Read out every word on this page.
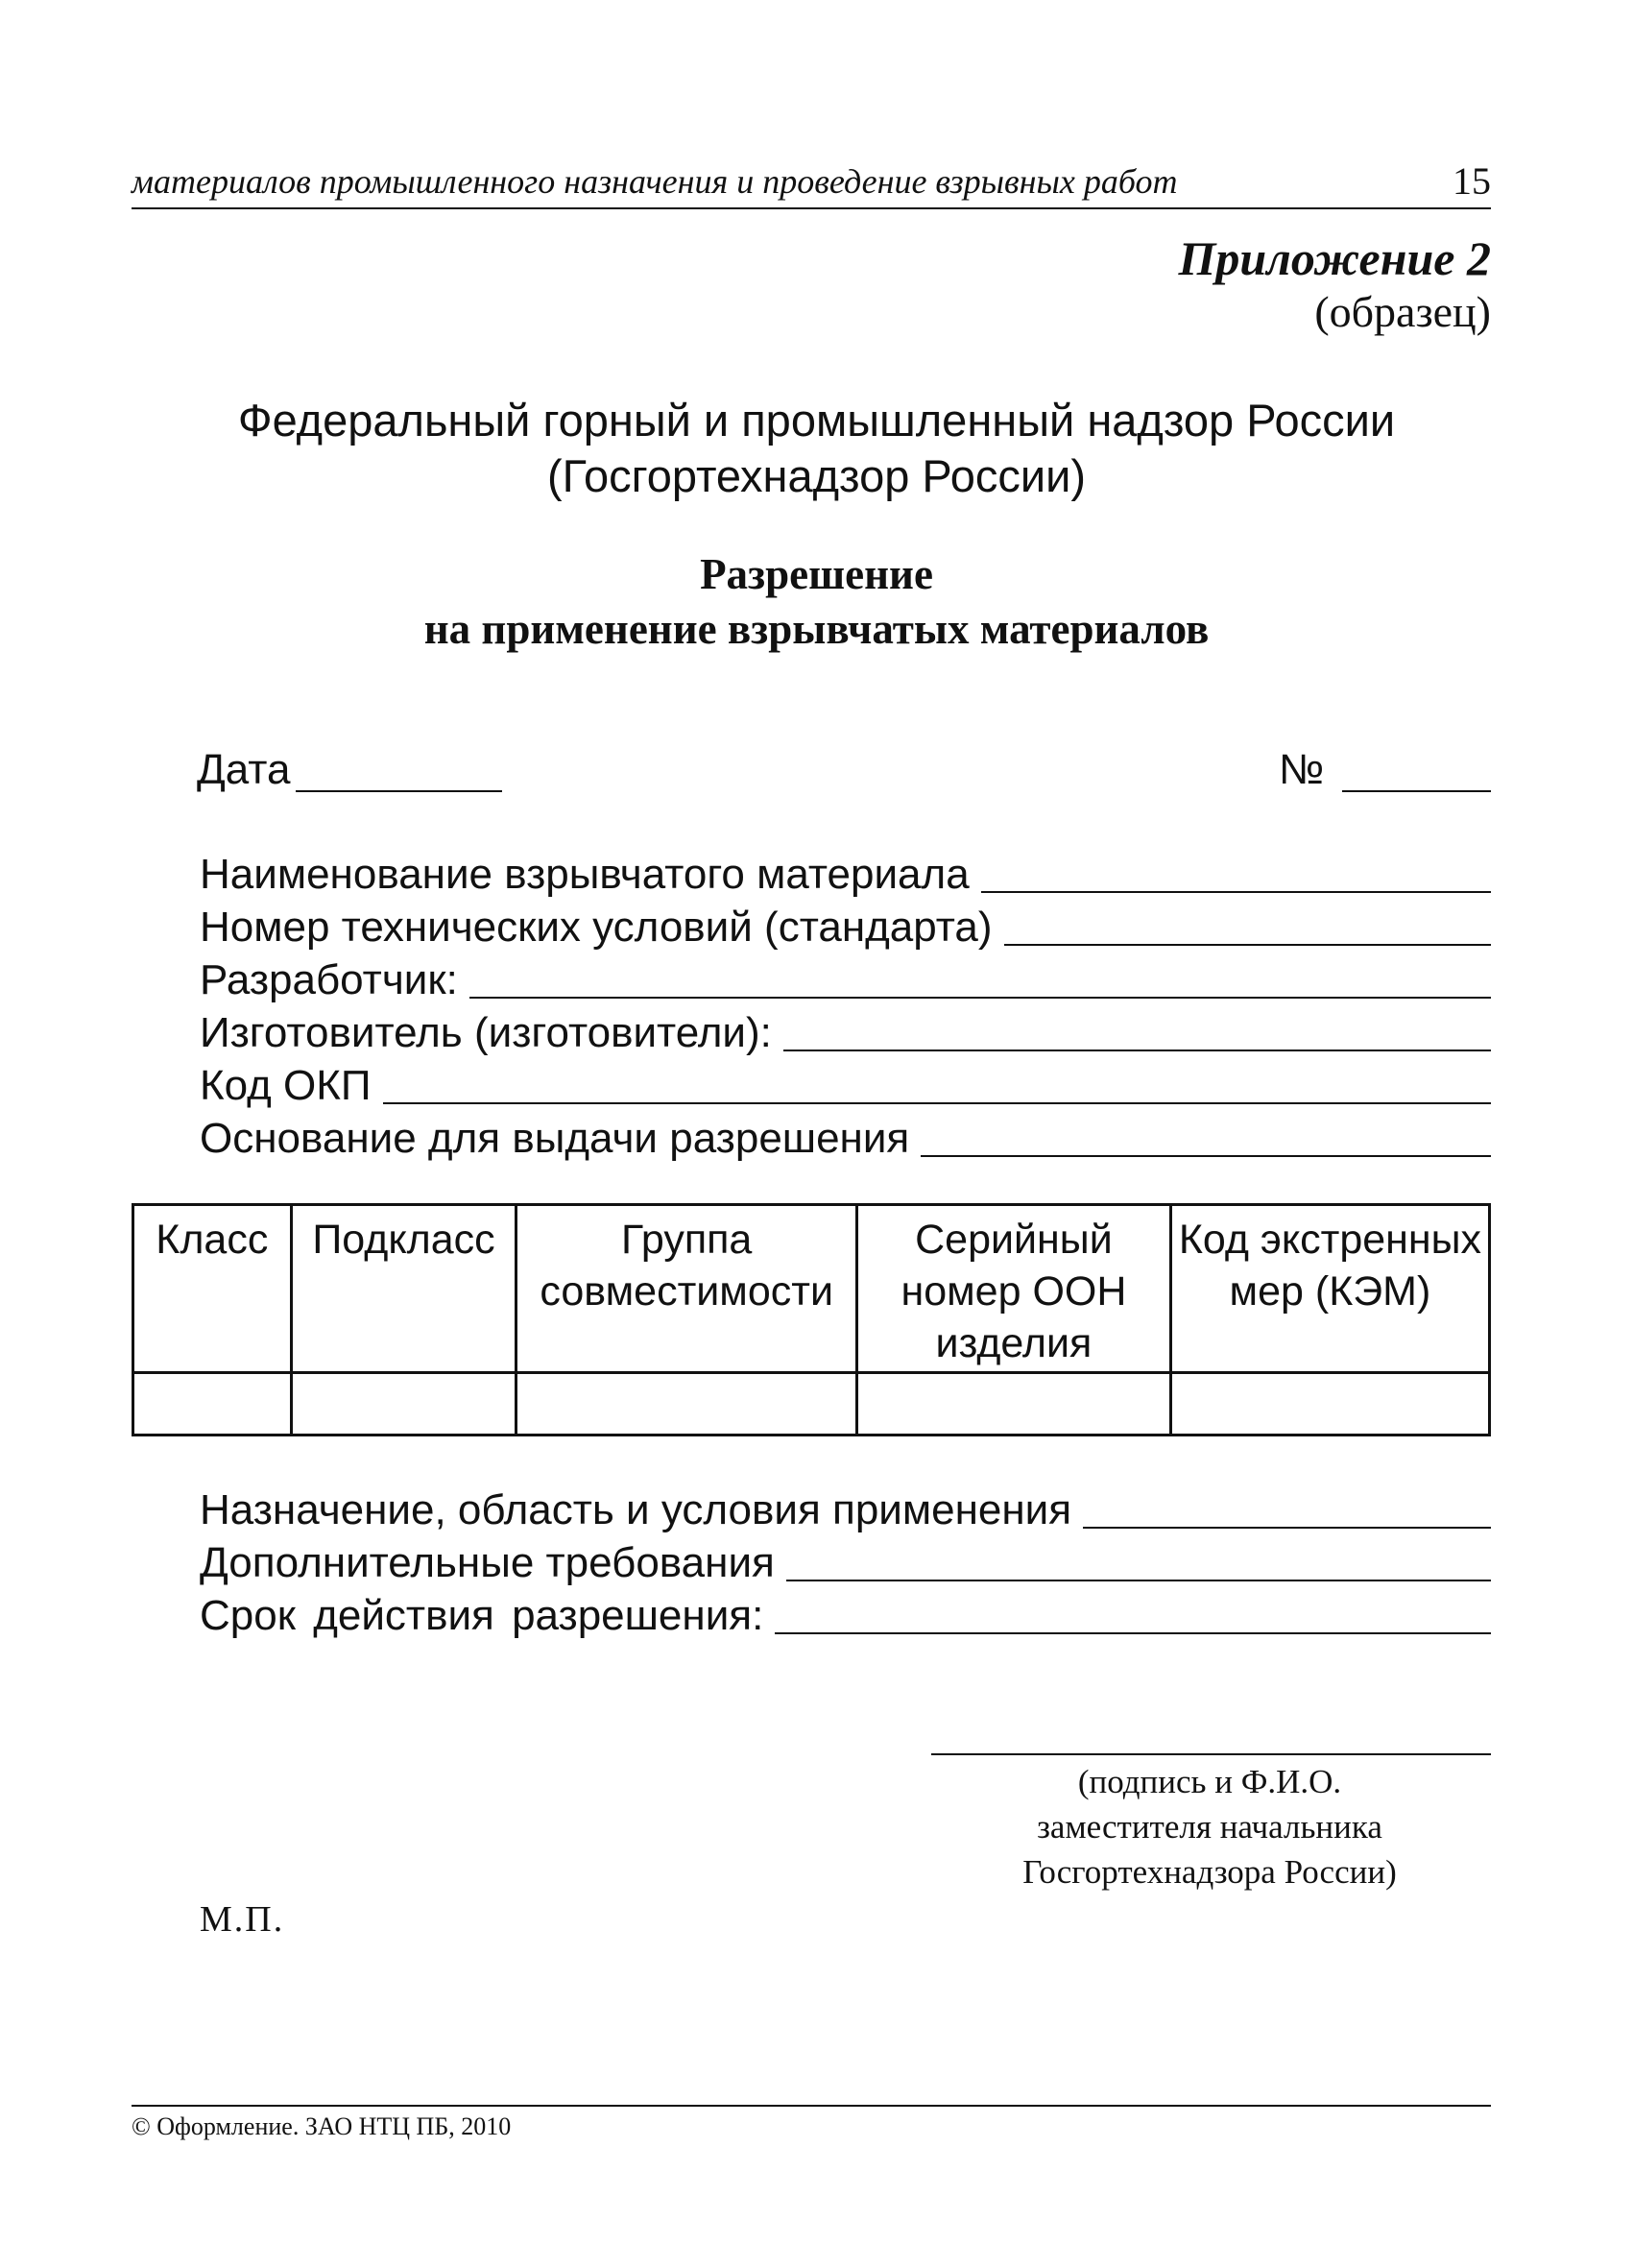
материалов промышленного назначения и проведение взрывных работ	15
Приложение 2
(образец)
Федеральный горный и промышленный надзор России
(Госгортехнадзор России)
Разрешение
на применение взрывчатых материалов
Дата	№
Наименование взрывчатого материала
Номер технических условий (стандарта)
Разработчик:
Изготовитель (изготовители):
Код ОКП
Основание для выдачи разрешения
Класс	Подкласс	Группа совместимости	Серийный номер ООН изделия	Код экстренных мер (КЭМ)

Назначение, область и условия применения
Дополнительные требования
Срок действия разрешения:
(подпись и Ф.И.О.
заместителя начальника
Госгортехнадзора России)
М.П.
© Оформление. ЗАО НТЦ ПБ, 2010
